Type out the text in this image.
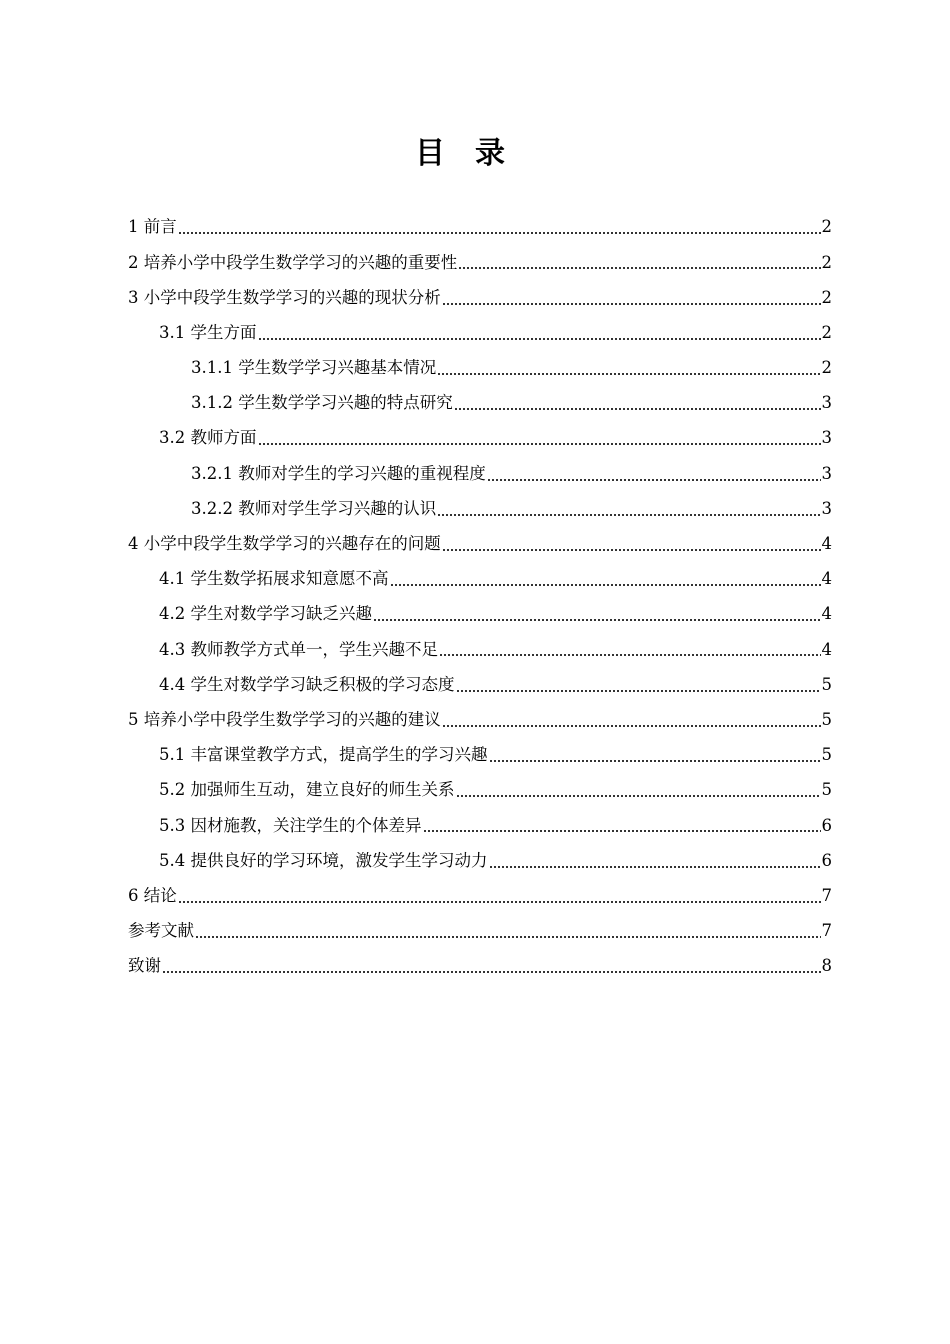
目录
1 前言	2
2 培养小学中段学生数学学习的兴趣的重要性	2
3 小学中段学生数学学习的兴趣的现状分析	2
3.1 学生方面	2
3.1.1 学生数学学习兴趣基本情况	2
3.1.2 学生数学学习兴趣的特点研究	3
3.2 教师方面	3
3.2.1 教师对学生的学习兴趣的重视程度	3
3.2.2 教师对学生学习兴趣的认识	3
4 小学中段学生数学学习的兴趣存在的问题	4
4.1 学生数学拓展求知意愿不高	4
4.2 学生对数学学习缺乏兴趣	4
4.3 教师教学方式单一，学生兴趣不足	4
4.4 学生对数学学习缺乏积极的学习态度	5
5 培养小学中段学生数学学习的兴趣的建议	5
5.1 丰富课堂教学方式，提高学生的学习兴趣	5
5.2 加强师生互动，建立良好的师生关系	5
5.3 因材施教，关注学生的个体差异	6
5.4 提供良好的学习环境，激发学生学习动力	6
6 结论	7
参考文献	7
致谢	8
